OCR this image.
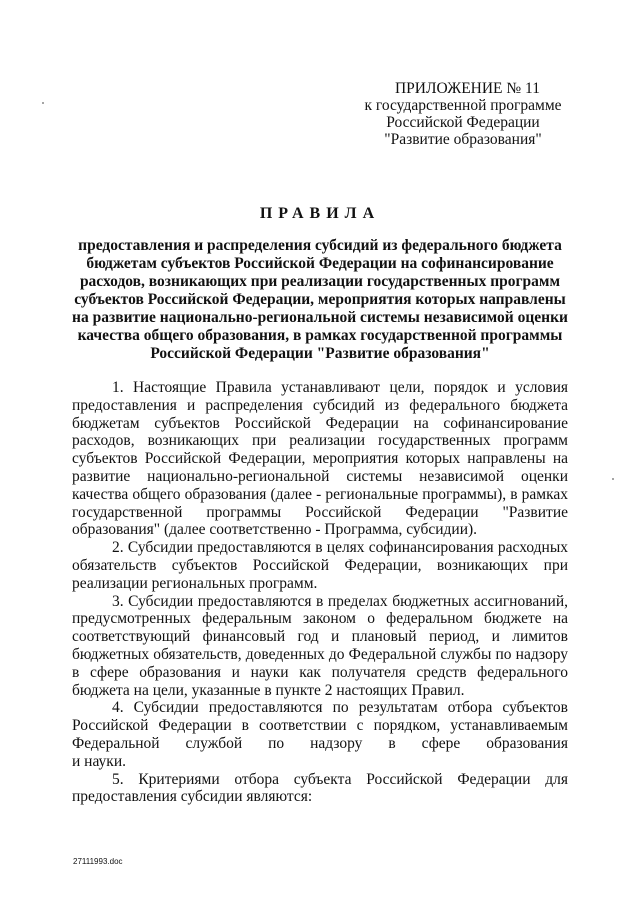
ПРИЛОЖЕНИЕ № 11
к государственной программе
Российской Федерации
"Развитие образования"
ПРАВИЛА
предоставления и распределения субсидий из федерального бюджета
бюджетам субъектов Российской Федерации на софинансирование
расходов, возникающих при реализации государственных программ
субъектов Российской Федерации, мероприятия которых направлены
на развитие национально-региональной системы независимой оценки
качества общего образования, в рамках государственной программы
Российской Федерации "Развитие образования"
1. Настоящие Правила устанавливают цели, порядок и условия
предоставления и распределения субсидий из федерального бюджета
бюджетам субъектов Российской Федерации на софинансирование
расходов, возникающих при реализации государственных программ
субъектов Российской Федерации, мероприятия которых направлены на
развитие национально-региональной системы независимой оценки
качества общего образования (далее - региональные программы), в рамках
государственной программы Российской Федерации "Развитие
образования" (далее соответственно - Программа, субсидии).
2. Субсидии предоставляются в целях софинансирования расходных
обязательств субъектов Российской Федерации, возникающих при
реализации региональных программ.
3. Субсидии предоставляются в пределах бюджетных ассигнований,
предусмотренных федеральным законом о федеральном бюджете на
соответствующий финансовый год и плановый период, и лимитов
бюджетных обязательств, доведенных до Федеральной службы по надзору
в сфере образования и науки как получателя средств федерального
бюджета на цели, указанные в пункте 2 настоящих Правил.
4. Субсидии предоставляются по результатам отбора субъектов
Российской Федерации в соответствии с порядком, устанавливаемым
Федеральной службой по надзору в сфере образования
и науки.
5. Критериями отбора субъекта Российской Федерации для
предоставления субсидии являются:
27111993.doc
